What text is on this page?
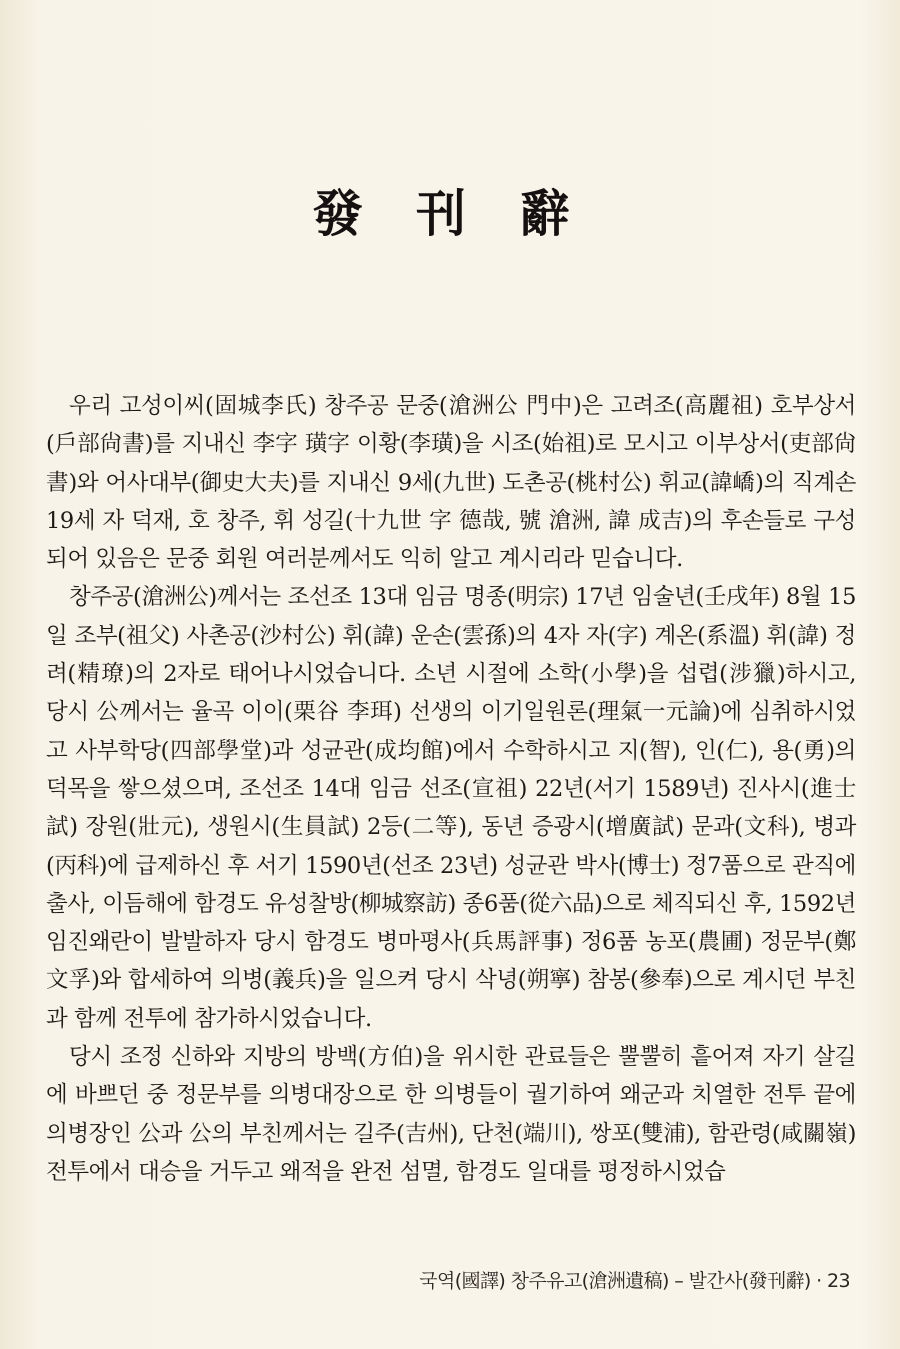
發 刊 辭

우리 고성이씨(固城李氏) 창주공 문중(滄洲公 門中)은 고려조(高麗祖) 호부상서(戶部尙書)를 지내신 李字 璜字 이황(李璜)을 시조(始祖)로 모시고 이부상서(吏部尙書)와 어사대부(御史大夫)를 지내신 9세(九世) 도촌공(桃村公) 휘교(諱嶠)의 직계손 19세 자 덕재, 호 창주, 휘 성길(十九世 字 德哉, 號 滄洲, 諱 成吉)의 후손들로 구성되어 있음은 문중 회원 여러분께서도 익히 알고 계시리라 믿습니다.

창주공(滄洲公)께서는 조선조 13대 임금 명종(明宗) 17년 임술년(壬戌年) 8월 15일 조부(祖父) 사촌공(沙村公) 휘(諱) 운손(雲孫)의 4자 자(字) 계온(系溫) 휘(諱) 정려(精璙)의 2자로 태어나시었습니다. 소년 시절에 소학(小學)을 섭렵(涉獵)하시고, 당시 公께서는 율곡 이이(栗谷 李珥) 선생의 이기일원론(理氣一元論)에 심취하시었고 사부학당(四部學堂)과 성균관(成均館)에서 수학하시고 지(智), 인(仁), 용(勇)의 덕목을 쌓으셨으며, 조선조 14대 임금 선조(宣祖) 22년(서기 1589년) 진사시(進士試) 장원(壯元), 생원시(生員試) 2등(二等), 동년 증광시(增廣試) 문과(文科), 병과(丙科)에 급제하신 후 서기 1590년(선조 23년) 성균관 박사(博士) 정7품으로 관직에 출사, 이듬해에 함경도 유성찰방(柳城察訪) 종6품(從六品)으로 체직되신 후, 1592년 임진왜란이 발발하자 당시 함경도 병마평사(兵馬評事) 정6품 농포(農圃) 정문부(鄭文孚)와 합세하여 의병(義兵)을 일으켜 당시 삭녕(朔寧) 참봉(參奉)으로 계시던 부친과 함께 전투에 참가하시었습니다.

당시 조정 신하와 지방의 방백(方伯)을 위시한 관료들은 뿔뿔히 흩어져 자기 살길에 바쁘던 중 정문부를 의병대장으로 한 의병들이 궐기하여 왜군과 치열한 전투 끝에 의병장인 公과 公의 부친께서는 길주(吉州), 단천(端川), 쌍포(雙浦), 함관령(咸關嶺) 전투에서 대승을 거두고 왜적을 완전 섬멸, 함경도 일대를 평정하시었습

국역(國譯) 창주유고(滄洲遺稿) – 발간사(發刊辭) · 23
